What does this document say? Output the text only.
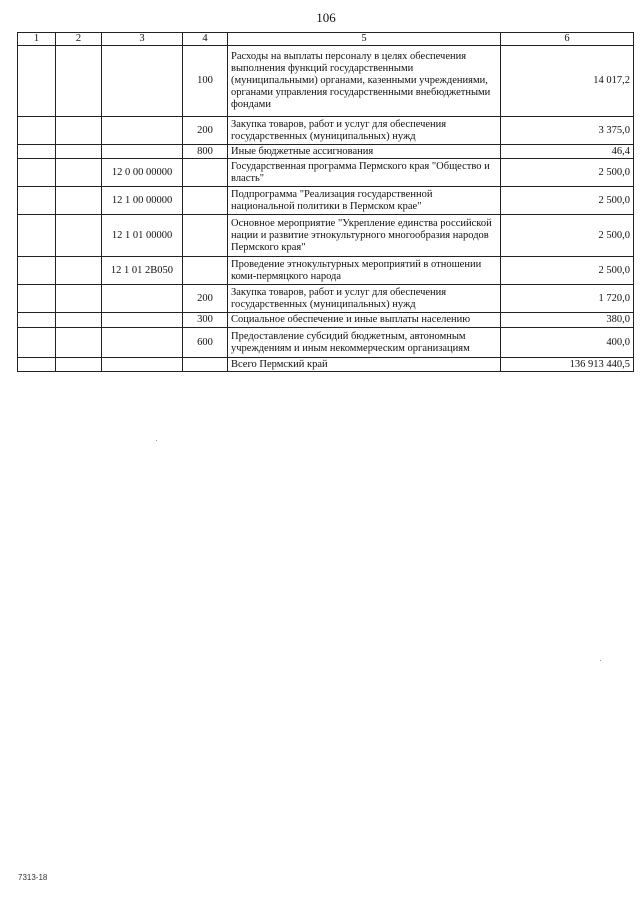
106
1	2	3	4	5	6
			100	Расходы на выплаты персоналу в целях обеспечения выполнения функций государственными (муниципальными) органами, казенными учреждениями, органами управления государственными внебюджетными фондами	14 017,2
			200	Закупка товаров, работ и услуг для обеспечения государственных (муниципальных) нужд	3 375,0
			800	Иные бюджетные ассигнования	46,4
		12 0 00 00000		Государственная программа Пермского края "Общество и власть"	2 500,0
		12 1 00 00000		Подпрограмма "Реализация государственной национальной политики в Пермском крае"	2 500,0
		12 1 01 00000		Основное мероприятие "Укрепление единства российской нации и развитие этнокультурного многообразия народов Пермского края"	2 500,0
		12 1 01 2В050		Проведение этнокультурных мероприятий в отношении коми-пермяцкого народа	2 500,0
			200	Закупка товаров, работ и услуг для обеспечения государственных (муниципальных) нужд	1 720,0
			300	Социальное обеспечение и иные выплаты населению	380,0
			600	Предоставление субсидий бюджетным, автономным учреждениям и иным некоммерческим организациям	400,0
				Всего Пермский край	136 913 440,5
7313-18
